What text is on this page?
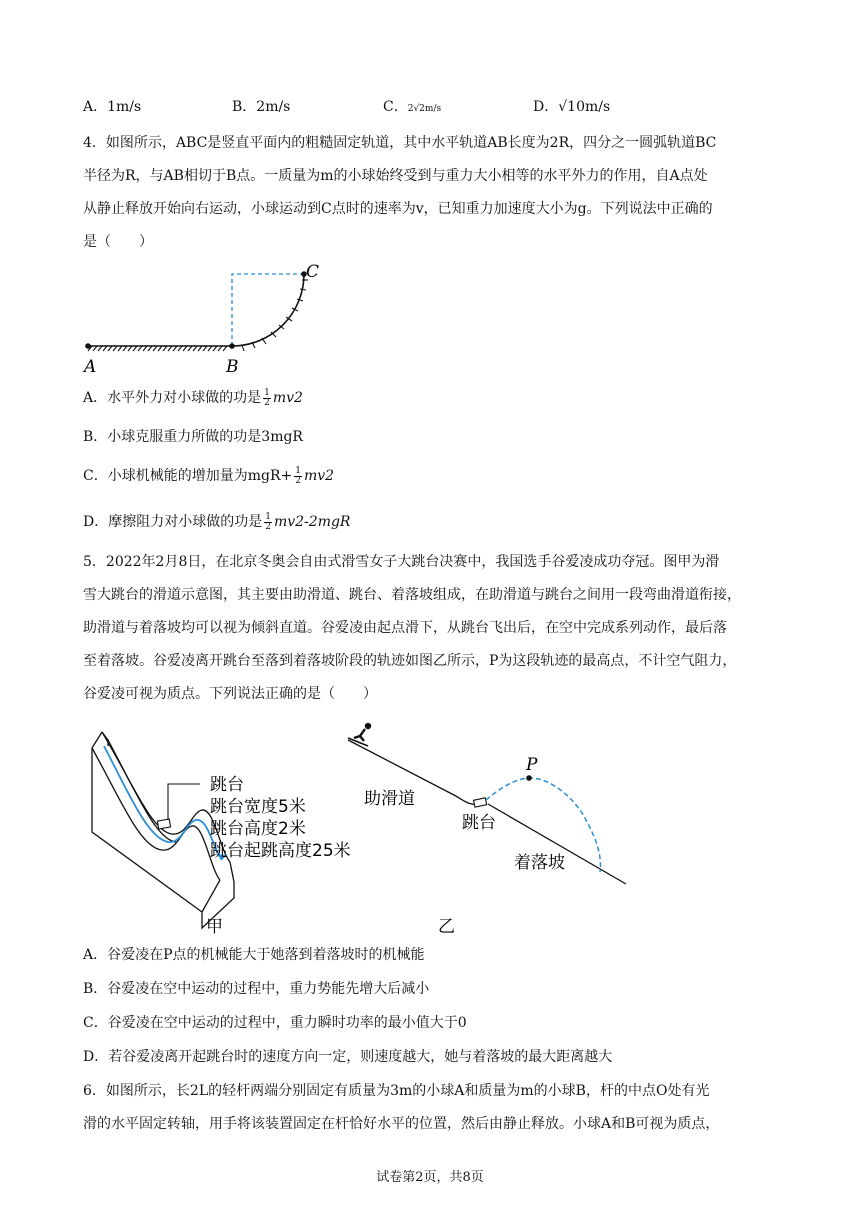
A．1m/s	B．2m/s	C．2√2m/s	D．√10m/s
4．如图所示，ABC是竖直平面内的粗糙固定轨道，其中水平轨道AB长度为2R，四分之一圆弧轨道BC
半径为R，与AB相切于B点。一质量为m的小球始终受到与重力大小相等的水平外力的作用，自A点处
从静止释放开始向右运动，小球运动到C点时的速率为v，已知重力加速度大小为g。下列说法中正确的
是（　　）
A	B
C
A．水平外力对小球做的功是 $\frac{1}{2} mv2$
B．小球克服重力所做的功是3mgR
C．小球机械能的增加量为$mgR+ \frac{1}{2} mv2$
D．摩擦阻力对小球做的功是 $\frac{1}{2} mv2-2mgR$
5．2022年2月8日，在北京冬奥会自由式滑雪女子大跳台决赛中，我国选手谷爱凌成功夺冠。图甲为滑
雪大跳台的滑道示意图，其主要由助滑道、跳台、着落坡组成，在助滑道与跳台之间用一段弯曲滑道衔接，
助滑道与着落坡均可以视为倾斜直道。谷爱凌由起点滑下，从跳台飞出后，在空中完成系列动作，最后落
至着落坡。谷爱凌离开跳台至落到着落坡阶段的轨迹如图乙所示，P为这段轨迹的最高点，不计空气阻力，
谷爱凌可视为质点。下列说法正确的是（　　）
跳台
跳台宽度5米
跳台高度2米
跳台起跳高度25米
甲
P
助滑道
跳台
着落坡
乙
A．谷爱凌在P点的机械能大于她落到着落坡时的机械能
B．谷爱凌在空中运动的过程中，重力势能先增大后减小
C．谷爱凌在空中运动的过程中，重力瞬时功率的最小值大于0
D．若谷爱凌离开起跳台时的速度方向一定，则速度越大，她与着落坡的最大距离越大
6．如图所示，长2L的轻杆两端分别固定有质量为3m的小球A和质量为m的小球B，杆的中点O处有光
滑的水平固定转轴，用手将该装置固定在杆恰好水平的位置，然后由静止释放。小球A和B可视为质点，
试卷第2页，共8页
